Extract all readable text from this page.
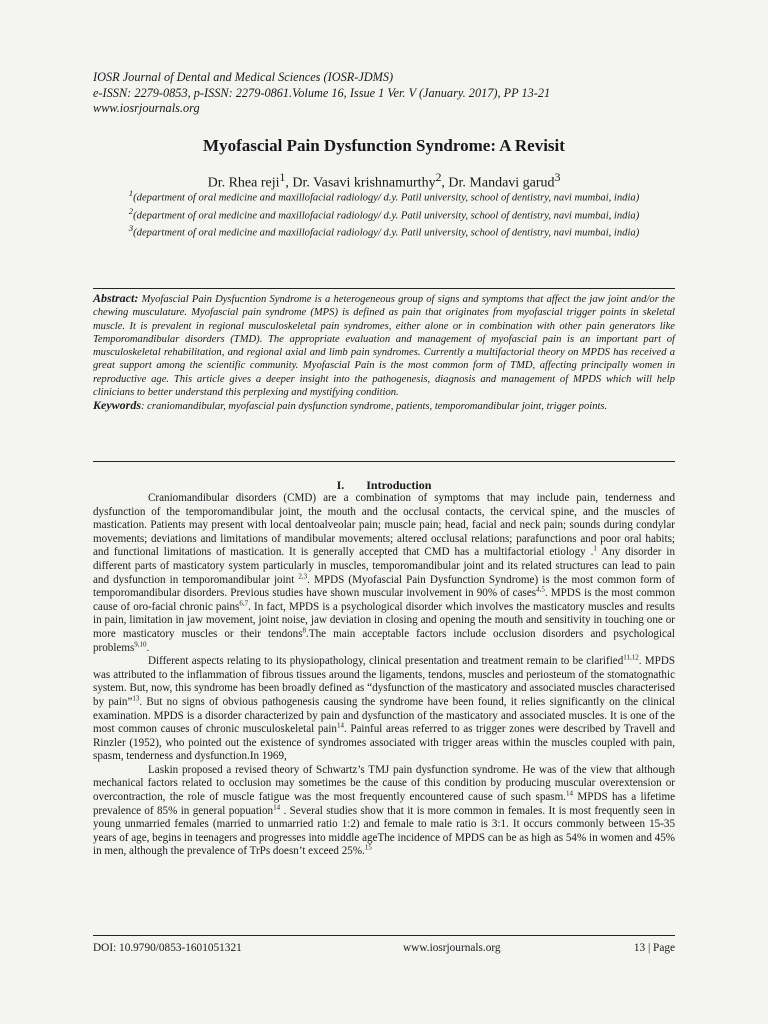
IOSR Journal of Dental and Medical Sciences (IOSR-JDMS)
e-ISSN: 2279-0853, p-ISSN: 2279-0861.Volume 16, Issue 1 Ver. V (January. 2017), PP 13-21
www.iosrjournals.org
Myofascial Pain Dysfunction Syndrome: A Revisit
Dr. Rhea reji$^1$, Dr. Vasavi krishnamurthy$^2$, Dr. Mandavi garud$^3$

$^1$(department of oral medicine and maxillofacial radiology/ d.y. Patil university, school of dentistry, navi mumbai, india)

$^2$(department of oral medicine and maxillofacial radiology/ d.y. Patil university, school of dentistry, navi mumbai, india)

$^3$(department of oral medicine and maxillofacial radiology/ d.y. Patil university, school of dentistry, navi mumbai, india)

Abstract: Myofascial Pain Dysfucntion Syndrome is a heterogeneous group of signs and symptoms that affect the jaw joint and/or the chewing musculature. Myofascial pain syndrome (MPS) is defined as pain that originates from myofascial trigger points in skeletal muscle. It is prevalent in regional musculoskeletal pain syndromes, either alone or in combination with other pain generators like Temporomandibular disorders (TMD). The appropriate evaluation and management of myofascial pain is an important part of musculoskeletal rehabilitation, and regional axial and limb pain syndromes. Currently a multifactorial theory on MPDS has received a great support among the scientific community. Myofascial Pain is the most common form of TMD, affecting principally women in reproductive age. This article gives a deeper insight into the pathogenesis, diagnosis and management of MPDS which will help clinicians to better understand this perplexing and mystifying condition.
Keywords: craniomandibular, myofascial pain dysfunction syndrome, patients, temporomandibular joint, trigger points.
I. Introduction

Craniomandibular disorders (CMD) are a combination of symptoms that may include pain, tenderness and dysfunction of the temporomandibular joint, the mouth and the occlusal contacts, the cervical spine, and the muscles of mastication. Patients may present with local dentoalveolar pain; muscle pain; head, facial and neck pain; sounds during condylar movements; deviations and limitations of mandibular movements; altered occlusal relations; parafunctions and poor oral habits; and functional limitations of mastication. It is generally accepted that CMD has a multifactorial etiology .$^1$ Any disorder in different parts of masticatory system particularly in muscles, temporomandibular joint and its related structures can lead to pain and dysfunction in temporomandibular joint $^{2,3}$. MPDS (Myofascial Pain Dysfunction Syndrome) is the most common form of temporomandibular disorders. Previous studies have shown muscular involvement in 90% of cases$^{4,5}$. MPDS is the most common cause of oro-facial chronic pains$^{6,7}$. In fact, MPDS is a psychological disorder which involves the masticatory muscles and results in pain, limitation in jaw movement, joint noise, jaw deviation in closing and opening the mouth and sensitivity in touching one or more masticatory muscles or their tendons$^8$.The main acceptable factors include occlusion disorders and psychological problems$^{9,10}$.

Different aspects relating to its physiopathology, clinical presentation and treatment remain to be clarified$^{11,12}$. MPDS was attributed to the inflammation of fibrous tissues around the ligaments, tendons, muscles and periosteum of the stomatognathic system. But, now, this syndrome has been broadly defined as “dysfunction of the masticatory and associated muscles characterised by pain”$^{13}$. But no signs of obvious pathogenesis causing the syndrome have been found, it relies significantly on the clinical examination. MPDS is a disorder characterized by pain and dysfunction of the masticatory and associated muscles. It is one of the most common causes of chronic musculoskeletal pain$^{14}$. Painful areas referred to as trigger zones were described by Travell and Rinzler (1952), who pointed out the existence of syndromes associated with trigger areas within the muscles coupled with pain, spasm, tenderness and dysfunction.In 1969,

Laskin proposed a revised theory of Schwartz’s TMJ pain dysfunction syndrome. He was of the view that although mechanical factors related to occlusion may sometimes be the cause of this condition by producing muscular overextension or overcontraction, the role of muscle fatigue was the most frequently encountered cause of such spasm.$^{14}$ MPDS has a lifetime prevalence of 85% in general popuation$^{14}$ . Several studies show that it is more common in females. It is most frequently seen in young unmarried females (married to unmarried ratio 1:2) and female to male ratio is 3:1. It occurs commonly between 15-35 years of age, begins in teenagers and progresses into middle ageThe incidence of MPDS can be as high as 54% in women and 45% in men, although the prevalence of TrPs doesn’t exceed 25%.$^{15}$

DOI: 10.9790/0853-1601051321	www.iosrjournals.org	13 | Page
